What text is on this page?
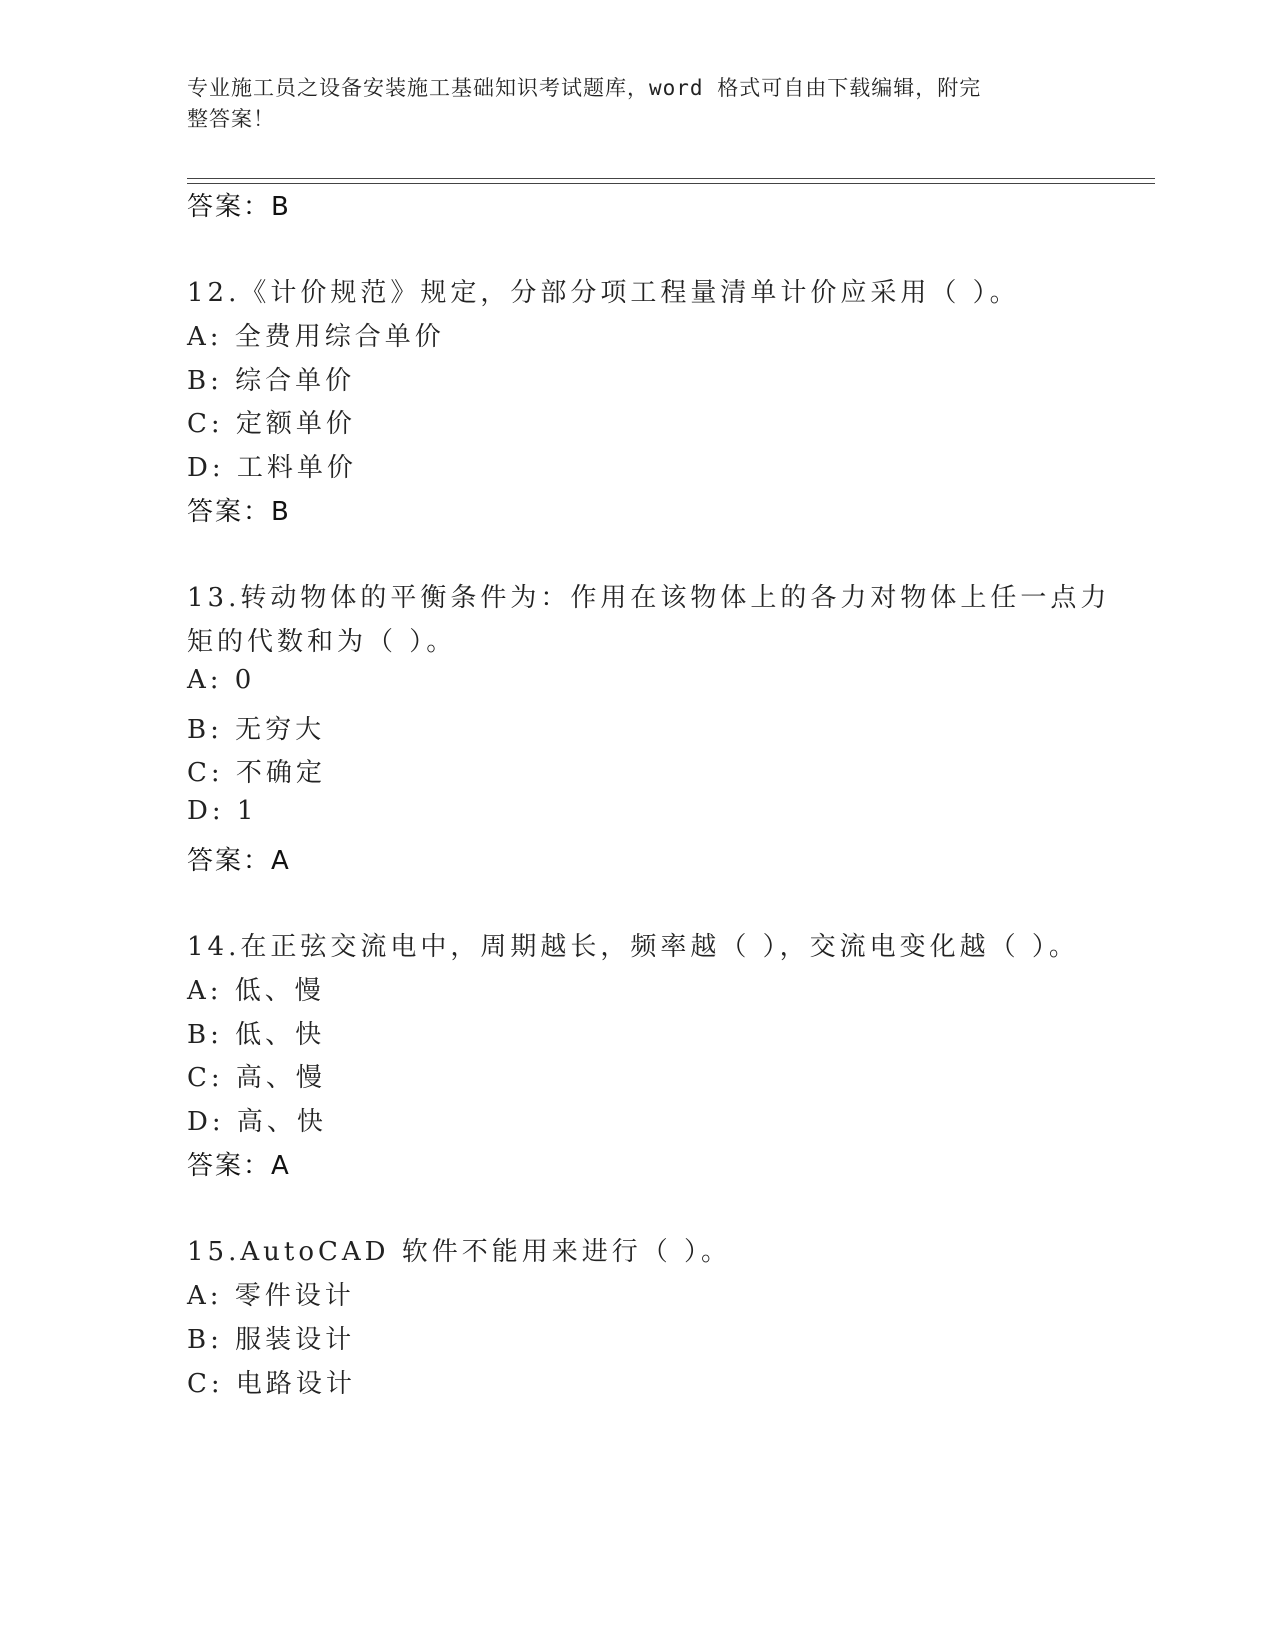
专业施工员之设备安装施工基础知识考试题库，word 格式可自由下载编辑，附完
整答案！
答案：B
12.《计价规范》规定，分部分项工程量清单计价应采用（ ）。
A: 全费用综合单价
B: 综合单价
C: 定额单价
D: 工料单价
答案：B
13.转动物体的平衡条件为：作用在该物体上的各力对物体上任一点力
矩的代数和为（ ）。
A: 0
B: 无穷大
C: 不确定
D: 1
答案：A
14.在正弦交流电中，周期越长，频率越（ ），交流电变化越（ ）。
A: 低、慢
B: 低、快
C: 高、慢
D: 高、快
答案：A
15.AutoCAD 软件不能用来进行（ ）。
A: 零件设计
B: 服装设计
C: 电路设计
